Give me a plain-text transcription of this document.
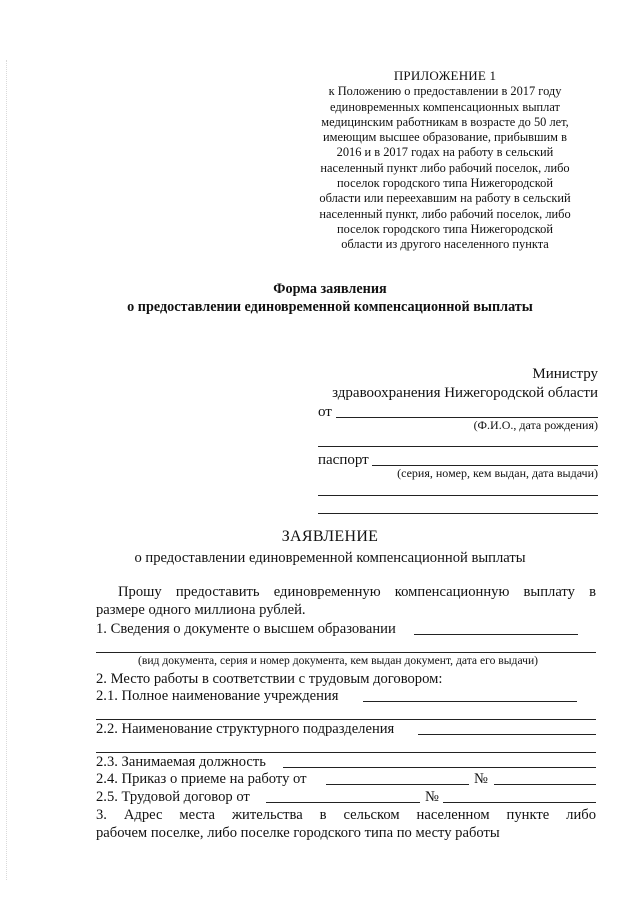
ПРИЛОЖЕНИЕ 1
к Положению о предоставлении в 2017 году
единовременных компенсационных выплат
медицинским работникам в возрасте до 50 лет,
имеющим высшее образование, прибывшим в
2016 и в 2017 годах на работу в сельский
населенный пункт либо рабочий поселок, либо
поселок городского типа Нижегородской
области или переехавшим на работу в сельский
населенный пункт, либо рабочий поселок, либо
поселок городского типа Нижегородской
области из другого населенного пункта
Форма заявления
о предоставлении единовременной компенсационной выплаты
Министру
здравоохранения Нижегородской области
от
(Ф.И.О., дата рождения)
паспорт
(серия, номер, кем выдан, дата выдачи)
ЗАЯВЛЕНИЕ
о предоставлении единовременной компенсационной выплаты
Прошу предоставить единовременную компенсационную выплату в
размере одного миллиона рублей.
1. Сведения о документе о высшем образовании
(вид документа, серия и номер документа, кем выдан документ, дата его выдачи)
2. Место работы в соответствии с трудовым договором:
2.1. Полное наименование учреждения
2.2. Наименование структурного подразделения
2.3. Занимаемая должность
2.4. Приказ о приеме на работу от	№
2.5. Трудовой договор от	№
3. Адрес места жительства в сельском населенном пункте либо
рабочем поселке, либо поселке городского типа по месту работы
